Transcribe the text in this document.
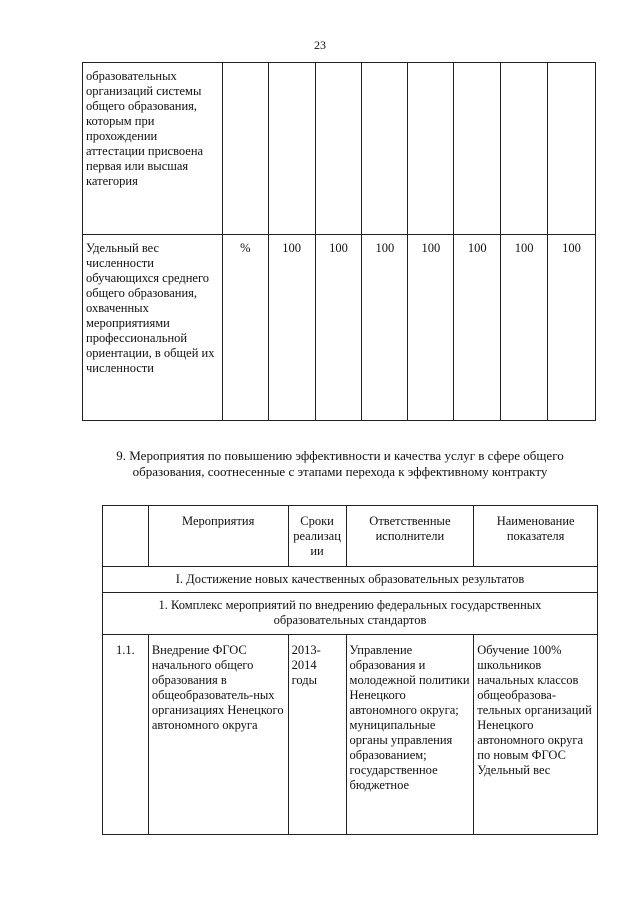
23
образовательных организаций системы общего образования, которым при прохождении аттестации присвоена первая или высшая категория								
Удельный вес численности обучающихся среднего общего образования, охваченных мероприятиями профессиональной ориентации, в общей их численности	%	100	100	100	100	100	100	100
9. Мероприятия по повышению эффективности и качества услуг в сфере общего образования, соотнесенные с этапами перехода к эффективному контракту
	Мероприятия	Сроки реализац ии	Ответственные исполнители	Наименование показателя
I. Достижение новых качественных образовательных результатов				
1. Комплекс мероприятий по внедрению федеральных государственных образовательных стандартов				
1.1.	Внедрение ФГОС начального общего образования в общеобразователь-ных организациях Ненецкого автономного округа	2013-2014 годы	Управление образования и молодежной политики Ненецкого автономного округа; муниципальные органы управления образованием; государственное бюджетное	Обучение 100% школьников начальных классов общеобразова-тельных организаций Ненецкого автономного округа по новым ФГОС Удельный вес
